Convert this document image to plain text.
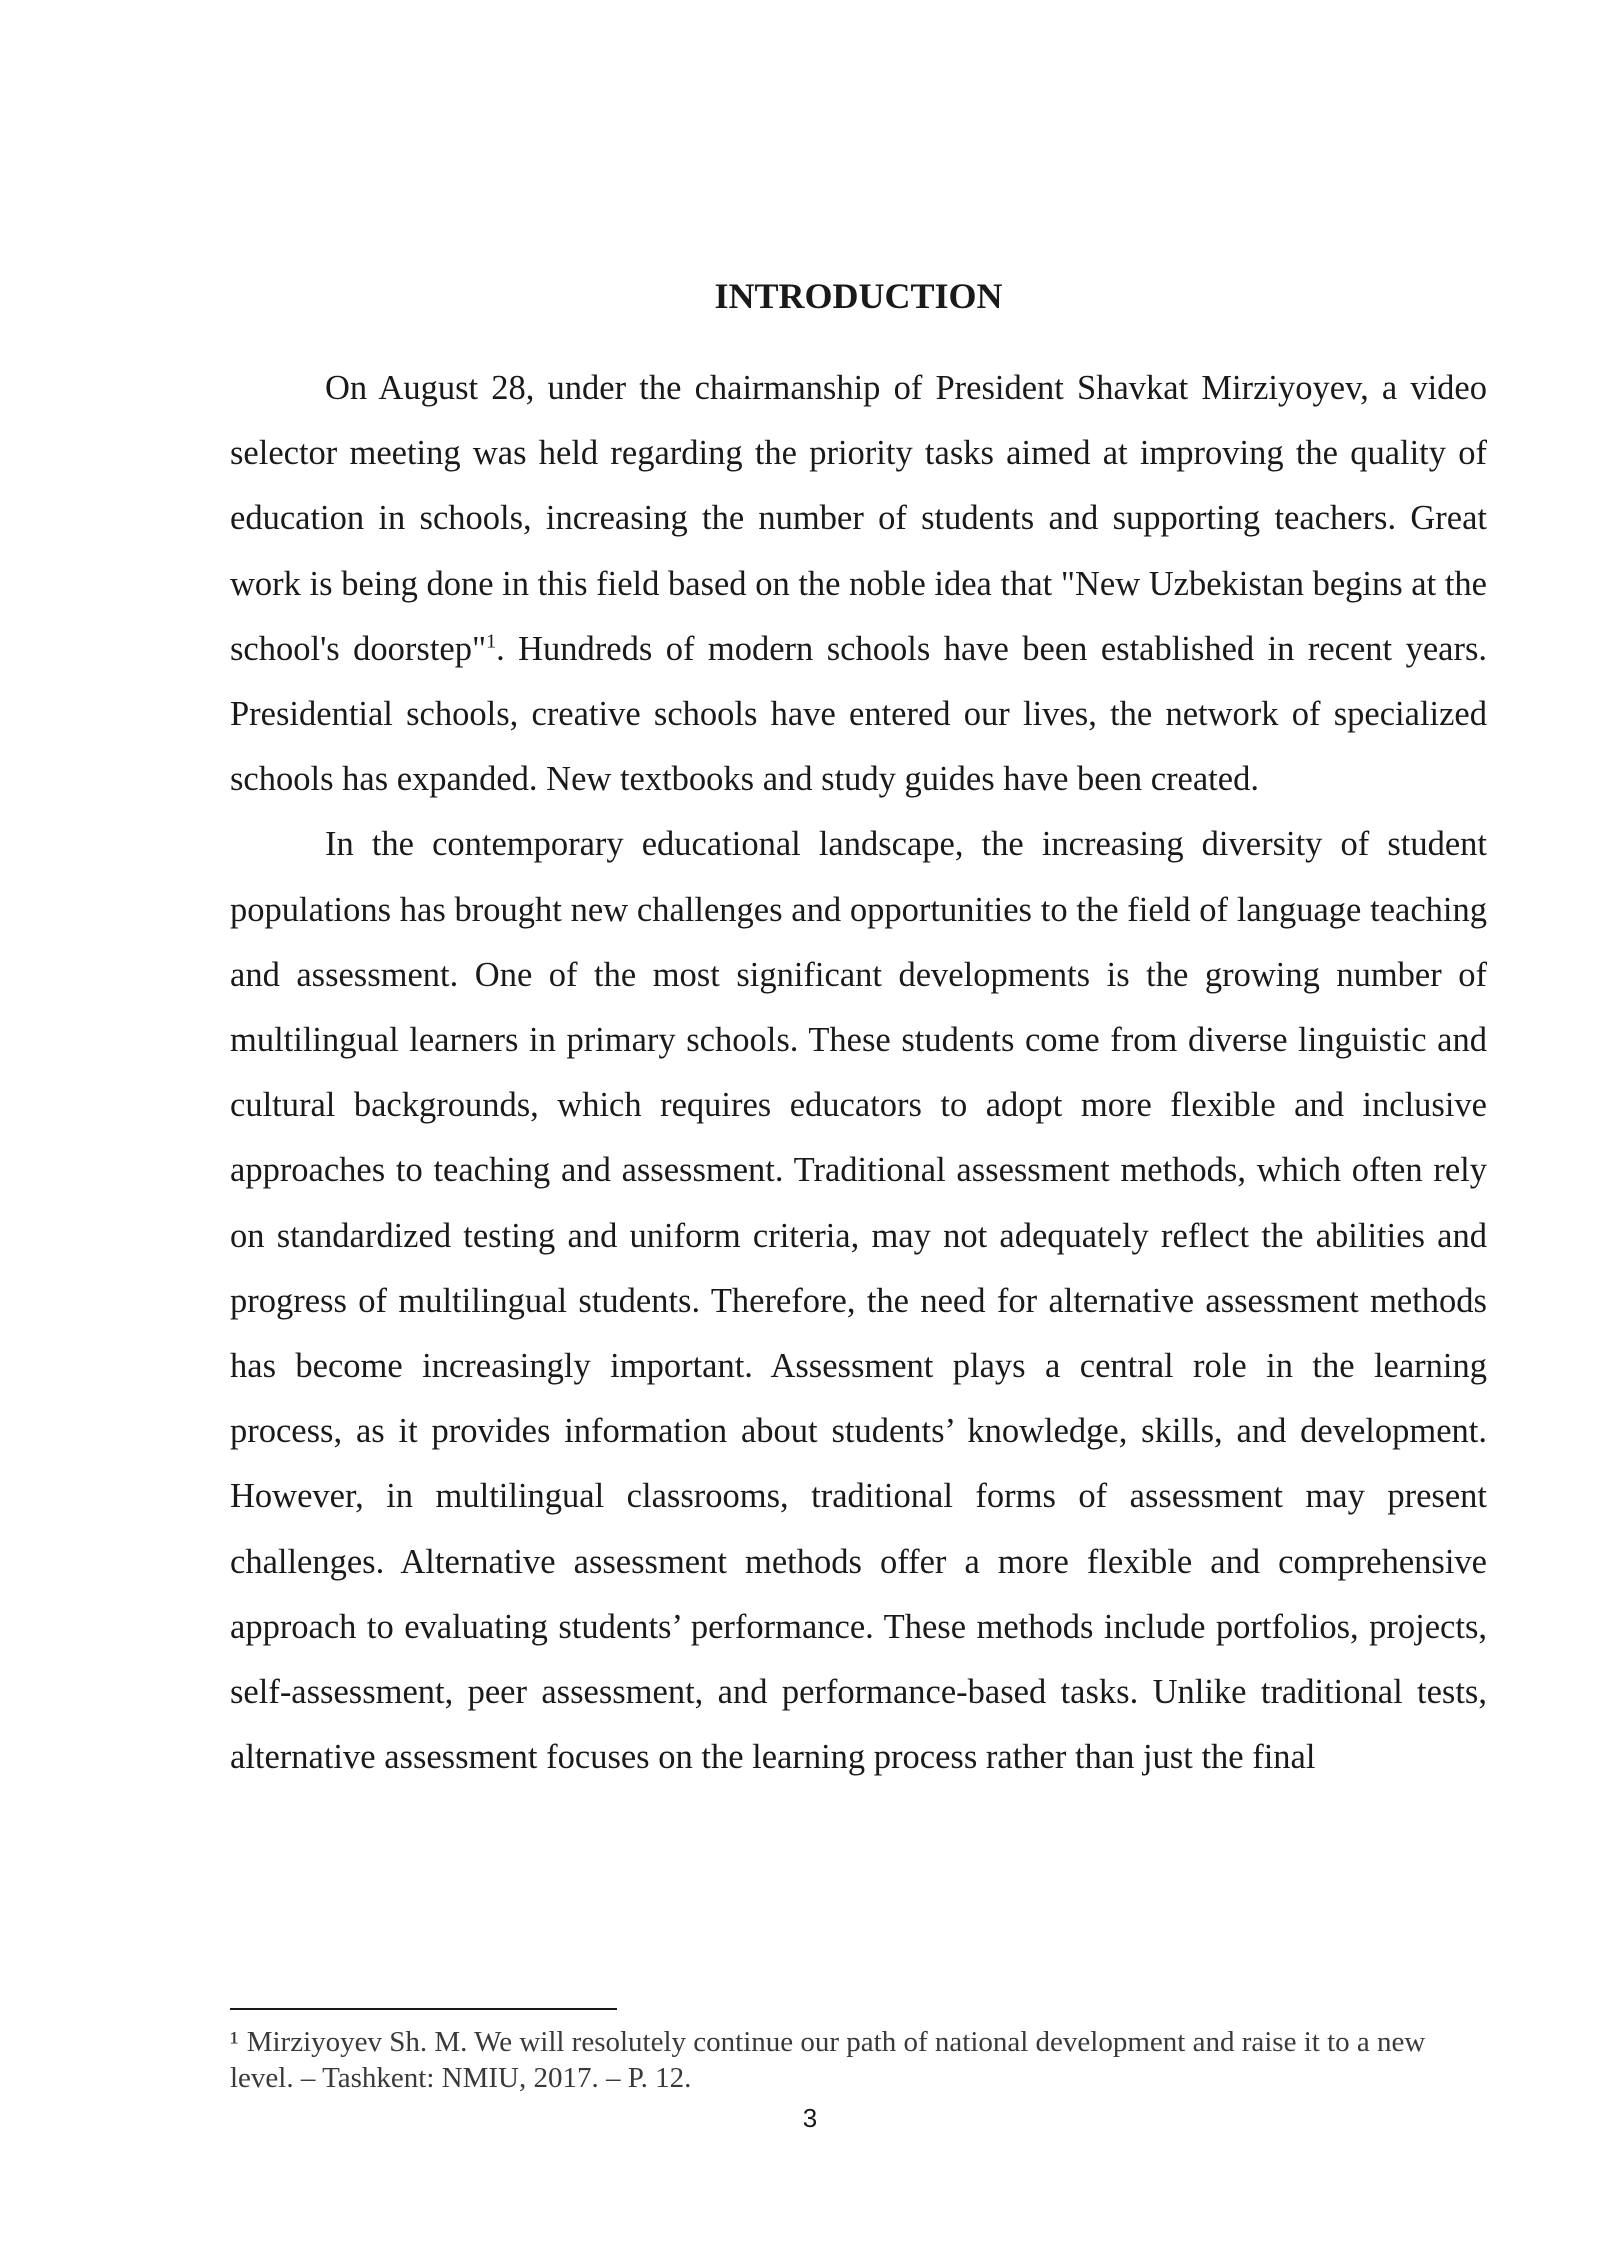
INTRODUCTION

On August 28, under the chairmanship of President Shavkat Mirziyoyev, a video selector meeting was held regarding the priority tasks aimed at improving the quality of education in schools, increasing the number of students and supporting teachers. Great work is being done in this field based on the noble idea that "New Uzbekistan begins at the school's doorstep"$^1$. Hundreds of modern schools have been established in recent years. Presidential schools, creative schools have entered our lives, the network of specialized schools has expanded. New textbooks and study guides have been created.

In the contemporary educational landscape, the increasing diversity of student populations has brought new challenges and opportunities to the field of language teaching and assessment. One of the most significant developments is the growing number of multilingual learners in primary schools. These students come from diverse linguistic and cultural backgrounds, which requires educators to adopt more flexible and inclusive approaches to teaching and assessment. Traditional assessment methods, which often rely on standardized testing and uniform criteria, may not adequately reflect the abilities and progress of multilingual students. Therefore, the need for alternative assessment methods has become increasingly important. Assessment plays a central role in the learning process, as it provides information about students’ knowledge, skills, and development. However, in multilingual classrooms, traditional forms of assessment may present challenges. Alternative assessment methods offer a more flexible and comprehensive approach to evaluating students’ performance. These methods include portfolios, projects, self-assessment, peer assessment, and performance-based tasks. Unlike traditional tests, alternative assessment focuses on the learning process rather than just the final

¹ Mirziyoyev Sh. M. We will resolutely continue our path of national development and raise it to a new level. – Tashkent: NMIU, 2017. – P. 12.
3
